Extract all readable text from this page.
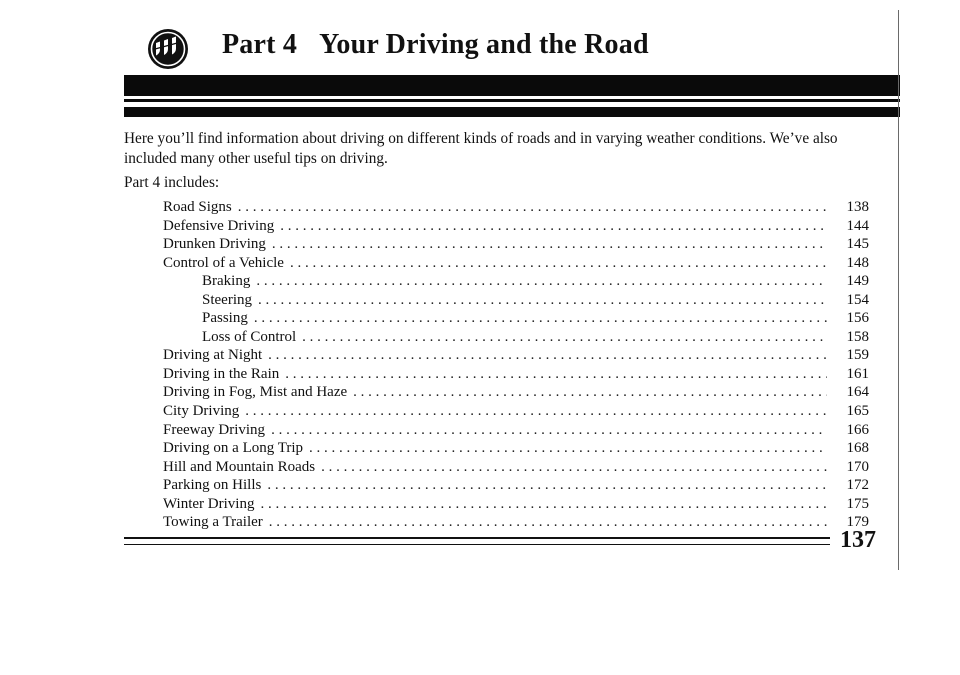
Part 4 Your Driving and the Road

Here you’ll find information about driving on different kinds of roads and in varying weather conditions. We’ve also included many other useful tips on driving.

Part 4 includes:
Road Signs . . .	138
Defensive Driving . . .	144
Drunken Driving . . .	145
Control of a Vehicle . . .	148
Braking . . .	149
Steering . . .	154
Passing . . .	156
Loss of Control . . .	158
Driving at Night . . .	159
Driving in the Rain . . .	161
Driving in Fog, Mist and Haze . . .	164
City Driving . . .	165
Freeway Driving . . .	166
Driving on a Long Trip . . .	168
Hill and Mountain Roads . . .	170
Parking on Hills . . .	172
Winter Driving . . .	175
Towing a Trailer . . .	179
137
